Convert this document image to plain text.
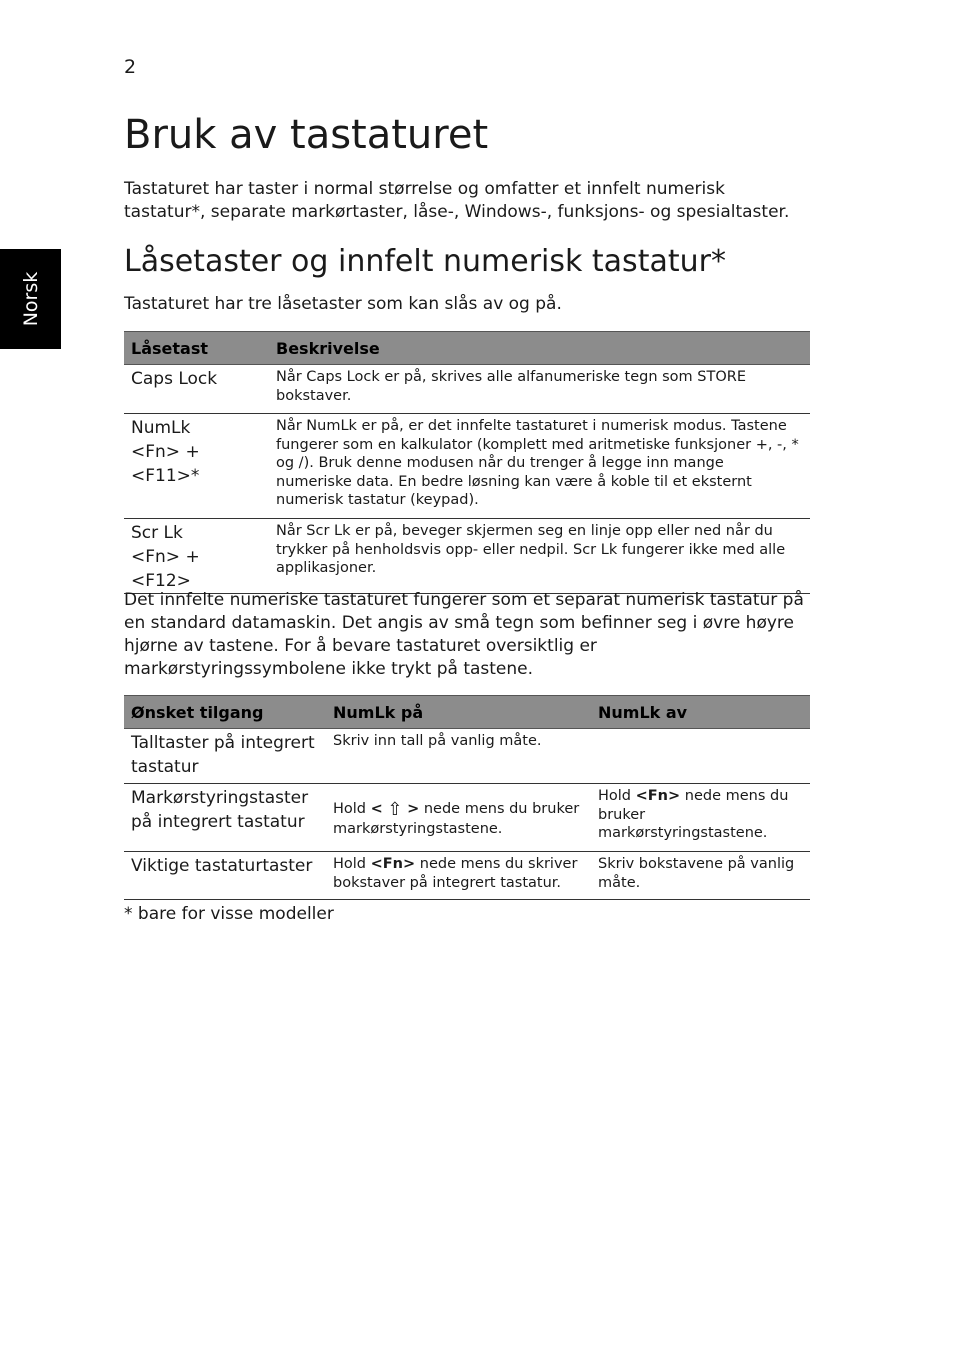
2
Norsk
Bruk av tastaturet

Tastaturet har taster i normal størrelse og omfatter et innfelt numerisk tastatur*, separate markørtaster, låse-, Windows-, funksjons- og spesialtaster.

Låsetaster og innfelt numerisk tastatur*

Tastaturet har tre låsetaster som kan slås av og på.

Låsetast	Beskrivelse

Caps Lock	Når Caps Lock er på, skrives alle alfanumeriske tegn som STORE bokstaver.

NumLk
<Fn> + <F11>*	Når NumLk er på, er det innfelte tastaturet i numerisk modus. Tastene fungerer som en kalkulator (komplett med aritmetiske funksjoner +, -, * og /). Bruk denne modusen når du trenger å legge inn mange numeriske data. En bedre løsning kan være å koble til et eksternt numerisk tastatur (keypad).

Scr Lk
<Fn> + <F12>	Når Scr Lk er på, beveger skjermen seg en linje opp eller ned når du trykker på henholdsvis opp- eller nedpil. Scr Lk fungerer ikke med alle applikasjoner.

Det innfelte numeriske tastaturet fungerer som et separat numerisk tastatur på en standard datamaskin. Det angis av små tegn som befinner seg i øvre høyre hjørne av tastene. For å bevare tastaturet oversiktlig er markørstyringssymbolene ikke trykt på tastene.

Ønsket tilgang	NumLk på	NumLk av
Talltaster på integrert tastatur	Skriv inn tall på vanlig måte.	
Markørstyringstaster på integrert tastatur	Hold < ⇧ > nede mens du bruker markørstyringstastene.	Hold <Fn> nede mens du bruker markørstyringstastene.
Viktige tastaturtaster	Hold <Fn> nede mens du skriver bokstaver på integrert tastatur.	Skriv bokstavene på vanlig måte.

* bare for visse modeller
